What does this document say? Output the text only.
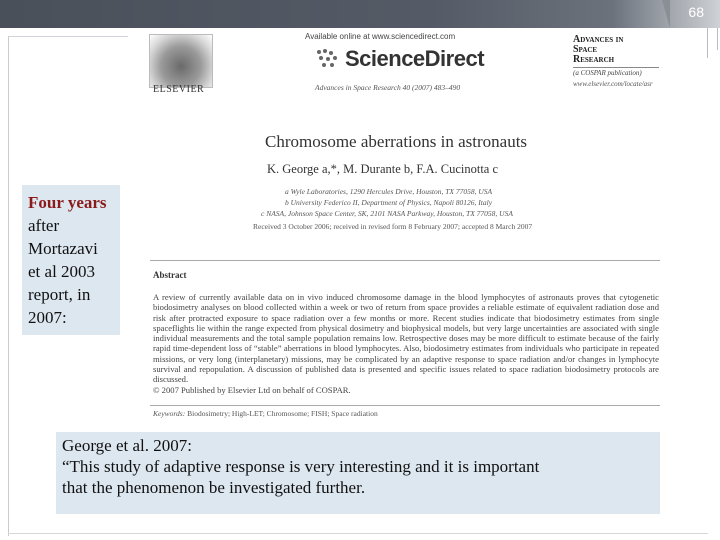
68
ELSEVIER
Available online at www.sciencedirect.com
ScienceDirect
Advances in Space Research 40 (2007) 483–490
Advances in
Space
Research
(a COSPAR publication)
www.elsevier.com/locate/asr
Chromosome aberrations in astronauts
K. George a,*, M. Durante b, F.A. Cucinotta c
a Wyle Laboratories, 1290 Hercules Drive, Houston, TX 77058, USA
b University Federico II, Department of Physics, Napoli 80126, Italy
c NASA, Johnson Space Center, SK, 2101 NASA Parkway, Houston, TX 77058, USA
Received 3 October 2006; received in revised form 8 February 2007; accepted 8 March 2007
Abstract
A review of currently available data on in vivo induced chromosome damage in the blood lymphocytes of astronauts proves that cytogenetic biodosimetry analyses on blood collected within a week or two of return from space provides a reliable estimate of equivalent radiation dose and risk after protracted exposure to space radiation over a few months or more. Recent studies indicate that biodosimetry estimates from single spaceflights lie within the range expected from physical dosimetry and biophysical models, but very large uncertainties are associated with single individual measurements and the total sample population remains low. Retrospective doses may be more difficult to estimate because of the fairly rapid time-dependent loss of “stable” aberrations in blood lymphocytes. Also, biodosimetry estimates from individuals who participate in repeated missions, or very long (interplanetary) missions, may be complicated by an adaptive response to space radiation and/or changes in lymphocyte survival and repopulation. A discussion of published data is presented and specific issues related to space radiation biodosimetry protocols are discussed.
© 2007 Published by Elsevier Ltd on behalf of COSPAR.
Keywords: Biodosimetry; High-LET; Chromosome; FISH; Space radiation
Four years
after
Mortazavi
et al 2003
report, in
2007:
George et al. 2007:
“This study of adaptive response is very interesting and it is important
that the phenomenon be investigated further.
